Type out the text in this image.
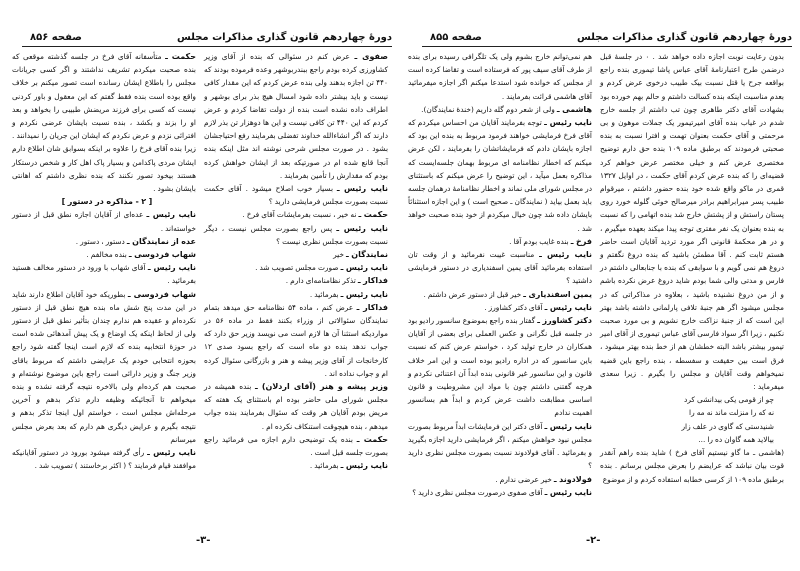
دورهٔ چهاردهم قانون گذاری
مذاکرات مجلس
صفحه ۸۵۶

صفوی ـ عرض کنم در سئوالی که بنده از آقای وزیر کشاورزی کرده بودم راجع ببندربوشهر وعده فرموده بودند که ۴۴۰ تن اجازه بدهند ولی بنده عرض کردم که این مقدار کافی نیست و باید بیشتر داده شود امسال هیچ بذر برای بوشهر و اطراف داده نشده است بنده از دولت تقاضا کردم و عرض کردم که این ۴۴۰ تن کافی نیست و این ها دوهزار تن بذر لازم دارند که اگر انشاءالله خداوند تفضلی بفرمایند رفع احتیاجشان بشود . در صورت مجلس شرحی نوشته اند مثل اینکه بنده آنجا قانع شده ام در صورتیکه بعد از ایشان خواهش کرده بودم که مقدارش را تأمین بفرمایند .

نایب رئیس ـ بسیار خوب اصلاح میشود . آقای حکمت نسبت بصورت مجلس فرمایشی دارید ؟

حکمت ـ نه خیر ، نسبت بفرمایشات آقای فرخ .

نایب رئیس ـ پس راجع بصورت مجلس نیست ، دیگر نسبت بصورت مجلس نظری نیست ؟

نمایندگان ـ خیر

نایب رئیس ـ صورت مجلس تصویب شد .

فداکار ـ تذکر نظامنامه‌ای دارم .

نایب رئیس ـ بفرمائید .

فداکار ـ عرض کنم ، ماده ۵۴ نظامنامه حق میدهد بتمام نمایندگان سئوالاتی از وزراء بکنند فقط در ماده ۵۶ در مواردیکه استثنا آن ها لازم است می نویسد وزیر حق دارد که جواب ندهد بنده دو ماه است که راجع بسود صدی ۱۲ کارخانجات از آقای وزیر پیشه و هنر و بازرگانی سئوال کرده ام و جواب نداده اند .

وزیر پیشه و هنر (آقای اردلان) ـ بنده همیشه در مجلس شورای ملی حاضر بوده ام باستثنای یک هفته که مریض بودم آقایان هر وقت که سئوال بفرمایند بنده جواب میدهم ، بنده هیچوقت استنکاف نکرده ام .

حکمت ـ بنده یک توضیحی دارم اجازه می فرمائید راجع بصورت جلسه قبل است .

نایب رئیس ـ بفرمائید .

حکمت ـ متأسفانه آقای فرخ در جلسه گذشته موقعی که بنده صحبت میکردم تشریف نداشتند و اگر کسی جریانات مجلس را باطلاع ایشان رسانده است تصور میکنم بر خلاف واقع بوده است بنده فقط گفتم که این معقول و باور کردنی نیست که کسی برای فرزند مریضش طبیبی را بخواهد و بعد او را بزند و بکشد ، بنده نسبت بایشان عرضی نکردم و افترائی نزدم و عرض نکردم که ایشان این جریان را نمیدانند . زیرا بنده آقای فرخ را علاوه بر اینکه بسوابق شان اطلاع دارم ایشان مردی پاکدامن و بسیار پاک اهل کار و شخص درستکار هستند بیخود تصور نکنند که بنده نظری داشتم که اهانتی بایشان بشود .

[ ۲ - مذاکره در دستور ]

نایب رئیس ـ عده‌ای از آقایان اجازه نطق قبل از دستور خواسته‌اند .

عده از نمایندگان ـ دستور ، دستور .

شهاب فردوسی ـ بنده مخالفم .

نایب رئیس ـ آقای شهاب با ورود در دستور مخالف هستید بفرمائید .

شهاب فردوسی ـ بطوریکه خود آقایان اطلاع دارند شاید در این مدت پنج شش ماه بنده هیچ نطق قبل از دستور نکرده‌ام و عقیده هم ندارم چندان بتأثیر نطق قبل از دستور ولی از لحاظ اینکه یک اوضاع و یک پیش آمدهائی شده است در حوزهٔ انتخابیه بنده که لازم است اینجا گفته شود راجع بحوزه انتخابی خودم یک عرایضی داشتم که مربوط باقای وزیر جنگ و وزیر دارائی است راجع باین موضوع نوشته‌ام و صحبت هم کرده‌ام ولی بالاخره نتیجه گرفته نشده و بنده میخواهم تا آنجائیکه وظیفه دارم تذکر بدهم و آخرین مرحله‌اش مجلس است ، خواستم اول اینجا تذکر بدهم و نتیجه بگیرم و عرایض دیگری هم دارم که بعد بعرض مجلس میرسانم

نایب رئیس ـ رأی گرفته میشود بورود در دستور آقایانیکه موافقند قیام فرمایند ؟ ( اکثر برخاستند ) تصویب شد .

-۳-
دورهٔ چهاردهم قانون گذاری
مذاکرات مجلس
صفحه ۸۵۵

بدون رعایت نوبت اجازه داده خواهد شد . ۰ در جلسهٔ قبل درضمن طرح اعتبارنامهٔ آقای عباس پاشا تیموری بنده راجع بواقعه جرح یا قتل نسبت بیک طبیب درخوی عرض کردم و بعدم مناسبت اینکه بنده کسالت داشتم و حالم بهم خورده بود بشهادت آقای دکتر طاهری چون تب داشتم از جلسه خارج شدم در غیاب بنده آقای امیرتیمور یک جملات موهون و بی مرحمتی و آقای حکمت بعنوان تهمت و افترا نسبت به بنده صحبتی فرمودند که برطبق ماده ۱۰۹ بنده حق دارم توضیح مختصری عرض کنم و خیلی مختصر عرض خواهم کرد قضیه‌ای را که بنده عرض کردم آقای حکمت ، در اوایل ۱۳۲۷ قمری در ماکو واقع شده خود بنده حضور داشتم ، میرقوام طبیب پسر میرابراهیم برادر میرصالح خوئی گلوله خورد روی پستان راستش و از پشتش خارج شد بنده اتهامی را که نسبت به بنده بعنوان یک نفر مفتری توجه پیدا میکند بعهده میگیرم ، و در هر محکمهٔ قانونی اگر مورد تردید آقایان است حاضر هستم ثابت کنم . آقا مطمئن باشید که بنده دروغ نگفتم و دروغ هم نمی گویم و با سوابقی که بنده با جنابعالی داشتم در فارس و مدتی والی شما بودم شاید دروغ عرض نکرده باشم و از من دروغ نشنیده باشید ، بعلاوه در مذاکراتی که در مجلس میشود اگر هم جنبهٔ تلافی پارلمانی داشته باشد بهتر این است که از جنبهٔ نزاکت خارج نشویم و بی مورد صحبت نکنیم ، زیرا اگر سواد فارسی آقای عباس تیموری از آقای امیر تیمور بیشتر باشد البته خطشان هم از خط بنده بهتر میشود ، فرق است بین حقیقت و سفسطه ، بنده راجع باین قضیه نمیخواهم وقت آقایان و مجلس را بگیرم . زیرا سعدی میفرماید :

چو از قومی یکی بیدانشی کرد

نه که را منزلت ماند نه مه را

شنیدستی که گاوی در علف زار

بیالاید همه گاوان ده را ...

(هاشمی ـ ما گاو نیستیم آقای فرخ ) شاید بنده راهم آنقدر قوت بیان نباشد که عرایضم را بعرض مجلس برسانم . بنده برطبق ماده ۱۰۹ از کرسی خطابه استفاده کردم و از موضوع

هم نمی‌توانم خارج بشوم ولی یک تلگرافی رسیده برای بنده از طرف آقای سیف پور که فرستاده است و تقاضا کرده است از مجلس که خوانده شود استدعا میکنم اگر اجازه میفرمائید آقای هاشمی قرائت بفرمایند .

هاشمی ـ ولی از شعر دوم گله داریم (خندهٔ نمایندگان).

نایب رئیس ـ توجه بفرمایند آقایان من احساس میکردم که آقای فرخ فرمایشی خواهند فرمود مربوط به بنده این بود که اجازه بایشان دادم که فرمایشاتشان را بفرمایند ، لکن عرض میکنم که اخطار نظامنامه ای مربوط بهمان جلسه‌ایست که مذاکره بعمل میآید ، این توضیح را عرض میکنم که باستثنای در مجلس شورای ملی نماند و اخطار نظامنامهٔ درهمان جلسه باید بعمل بیاید ( نمایندگان ـ صحیح است ) و این اجازه استثنائاً بایشان داده شد چون خیال میکردم از خود بنده صحبت خواهد شد .

فرخ ـ بنده غایب بودم آقا .

نایب رئیس ـ مناسبت غیبت نفرمائید و از وقت تان استفاده بفرمائید آقای یمین اسفندیاری در دستور فرمایشی داشتید ؟

یمین اسفندیاری ـ خیر قبل از دستور عرض داشتم .

نایب رئیس ـ آقای دکتر کشاورز .

دکتر کشاورز ـ گفتار بنده راجع بموضوع سانسور رادیو بود در جلسه قبل نگرانی و عکس العملی برای بعضی از آقایان همکاران در خارج تولید کرد ، خواستم عرض کنم که نسبت باین سانسور که در اداره رادیو بوده است و این امر خلاف قانون و این سانسور غیر قانونی بنده ابداً آن اعتنائی نکردم و هرچه گفتنی داشتم چون با مواد این مشروطیت و قانون اساسی مطابقت داشت عرض کردم و ابداً هم بسانسور اهمیت ندادم

نایب رئیس ـ آقای دکتر این فرمایشات ابداً مربوط بصورت مجلس نبود خواهش میکنم ، اگر فرمایشی دارید اجازه بگیرید و بفرمائید . آقای فولادوند نسبت بصورت مجلس نظری دارید ؟

فولادوند ـ خیر عرضی ندارم .

نایب رئیس ـ آقای صفوی درصورت مجلس نظری دارید ؟

-۲-
